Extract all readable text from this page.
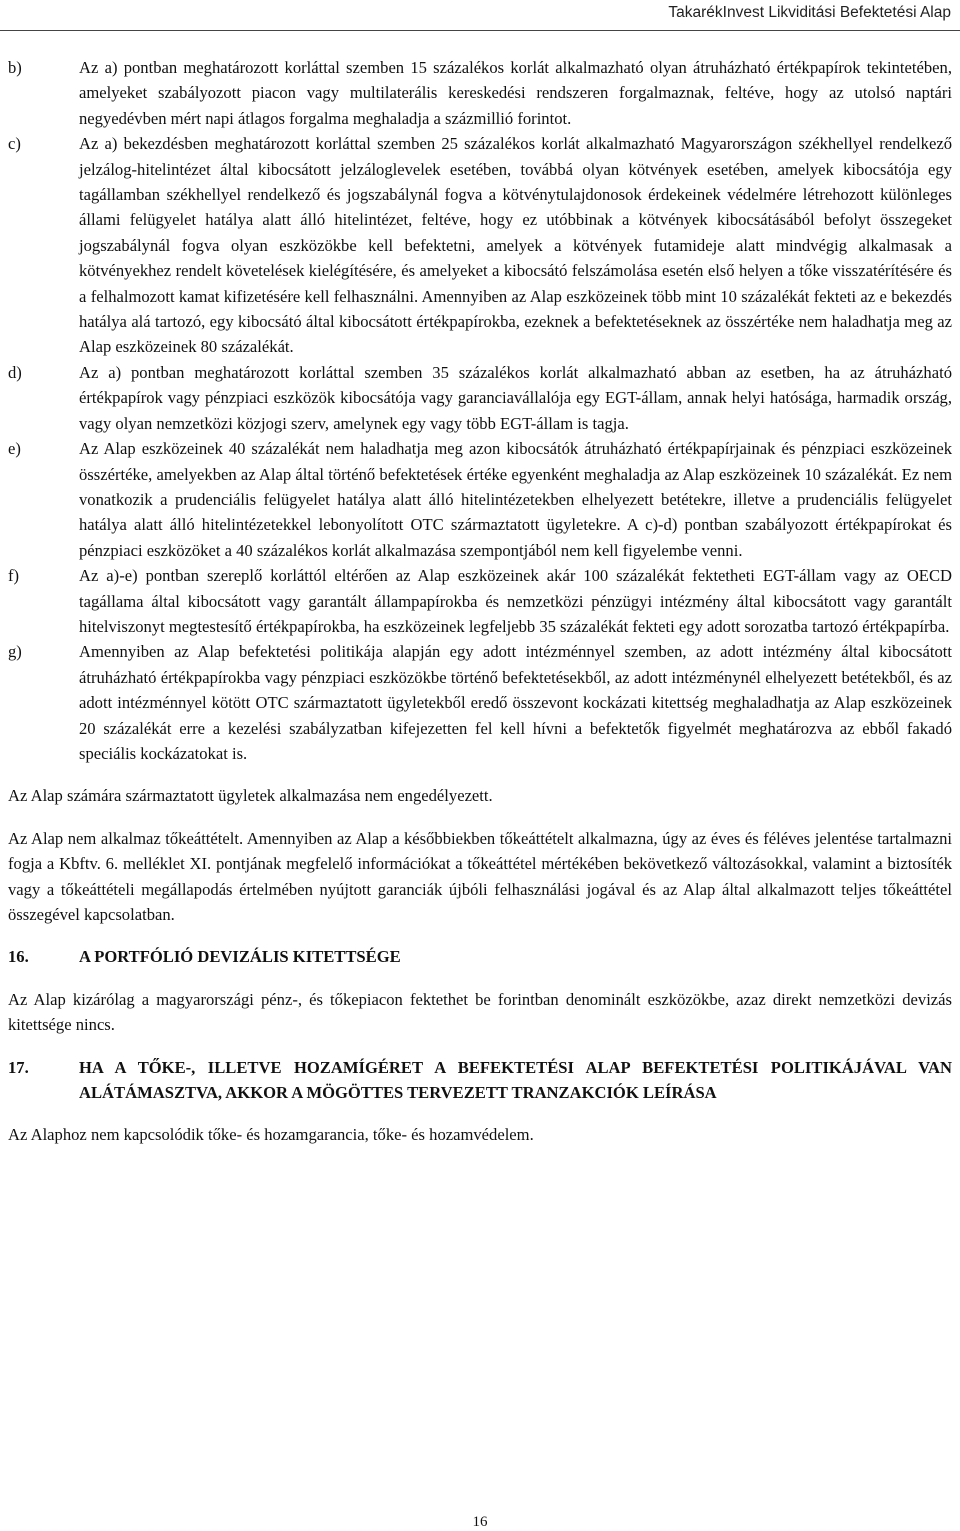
TakarékInvest Likviditási Befektetési Alap
b)	Az a) pontban meghatározott korláttal szemben 15 százalékos korlát alkalmazható olyan átruházható értékpapírok tekintetében, amelyeket szabályozott piacon vagy multilaterális kereskedési rendszeren forgalmaznak, feltéve, hogy az utolsó naptári negyedévben mért napi átlagos forgalma meghaladja a százmillió forintot.
c)	Az a) bekezdésben meghatározott korláttal szemben 25 százalékos korlát alkalmazható Magyarországon székhellyel rendelkező jelzálog-hitelintézet által kibocsátott jelzáloglevelek esetében, továbbá olyan kötvények esetében, amelyek kibocsátója egy tagállamban székhellyel rendelkező és jogszabálynál fogva a kötvénytulajdonosok érdekeinek védelmére létrehozott különleges állami felügyelet hatálya alatt álló hitelintézet, feltéve, hogy ez utóbbinak a kötvények kibocsátásából befolyt összegeket jogszabálynál fogva olyan eszközökbe kell befektetni, amelyek a kötvények futamideje alatt mindvégig alkalmasak a kötvényekhez rendelt követelések kielégítésére, és amelyeket a kibocsátó felszámolása esetén első helyen a tőke visszatérítésére és a felhalmozott kamat kifizetésére kell felhasználni. Amennyiben az Alap eszközeinek több mint 10 százalékát fekteti az e bekezdés hatálya alá tartozó, egy kibocsátó által kibocsátott értékpapírokba, ezeknek a befektetéseknek az összértéke nem haladhatja meg az Alap eszközeinek 80 százalékát.
d)	Az a) pontban meghatározott korláttal szemben 35 százalékos korlát alkalmazható abban az esetben, ha az átruházható értékpapírok vagy pénzpiaci eszközök kibocsátója vagy garanciavállalója egy EGT-állam, annak helyi hatósága, harmadik ország, vagy olyan nemzetközi közjogi szerv, amelynek egy vagy több EGT-állam is tagja.
e)	Az Alap eszközeinek 40 százalékát nem haladhatja meg azon kibocsátók átruházható értékpapírjainak és pénzpiaci eszközeinek összértéke, amelyekben az Alap által történő befektetések értéke egyenként meghaladja az Alap eszközeinek 10 százalékát. Ez nem vonatkozik a prudenciális felügyelet hatálya alatt álló hitelintézetekben elhelyezett betétekre, illetve a prudenciális felügyelet hatálya alatt álló hitelintézetekkel lebonyolított OTC származtatott ügyletekre. A c)-d) pontban szabályozott értékpapírokat és pénzpiaci eszközöket a 40 százalékos korlát alkalmazása szempontjából nem kell figyelembe venni.
f)	Az a)-e) pontban szereplő korláttól eltérően az Alap eszközeinek akár 100 százalékát fektetheti EGT-állam vagy az OECD tagállama által kibocsátott vagy garantált állampapírokba és nemzetközi pénzügyi intézmény által kibocsátott vagy garantált hitelviszonyt megtestesítő értékpapírokba, ha eszközeinek legfeljebb 35 százalékát fekteti egy adott sorozatba tartozó értékpapírba.
g)	Amennyiben az Alap befektetési politikája alapján egy adott intézménnyel szemben, az adott intézmény által kibocsátott átruházható értékpapírokba vagy pénzpiaci eszközökbe történő befektetésekből, az adott intézménynél elhelyezett betétekből, és az adott intézménnyel kötött OTC származtatott ügyletekből eredő összevont kockázati kitettség meghaladhatja az Alap eszközeinek 20 százalékát erre a kezelési szabályzatban kifejezetten fel kell hívni a befektetők figyelmét meghatározva az ebből fakadó speciális kockázatokat is.

Az Alap számára származtatott ügyletek alkalmazása nem engedélyezett.

Az Alap nem alkalmaz tőkeáttételt. Amennyiben az Alap a későbbiekben tőkeáttételt alkalmazna, úgy az éves és féléves jelentése tartalmazni fogja a Kbftv. 6. melléklet XI. pontjának megfelelő információkat a tőkeáttétel mértékében bekövetkező változásokkal, valamint a biztosíték vagy a tőkeáttételi megállapodás értelmében nyújtott garanciák újbóli felhasználási jogával és az Alap által alkalmazott teljes tőkeáttétel összegével kapcsolatban.

16.	A PORTFÓLIÓ DEVIZÁLIS KITETTSÉGE

Az Alap kizárólag a magyarországi pénz-, és tőkepiacon fektethet be forintban denominált eszközökbe, azaz direkt nemzetközi devizás kitettsége nincs.

17.	HA A TŐKE-, ILLETVE HOZAMÍGÉRET A BEFEKTETÉSI ALAP BEFEKTETÉSI POLITIKÁJÁVAL VAN ALÁTÁMASZTVA, AKKOR A MÖGÖTTES TERVEZETT TRANZAKCIÓK LEÍRÁSA

Az Alaphoz nem kapcsolódik tőke- és hozamgarancia, tőke- és hozamvédelem.

16
